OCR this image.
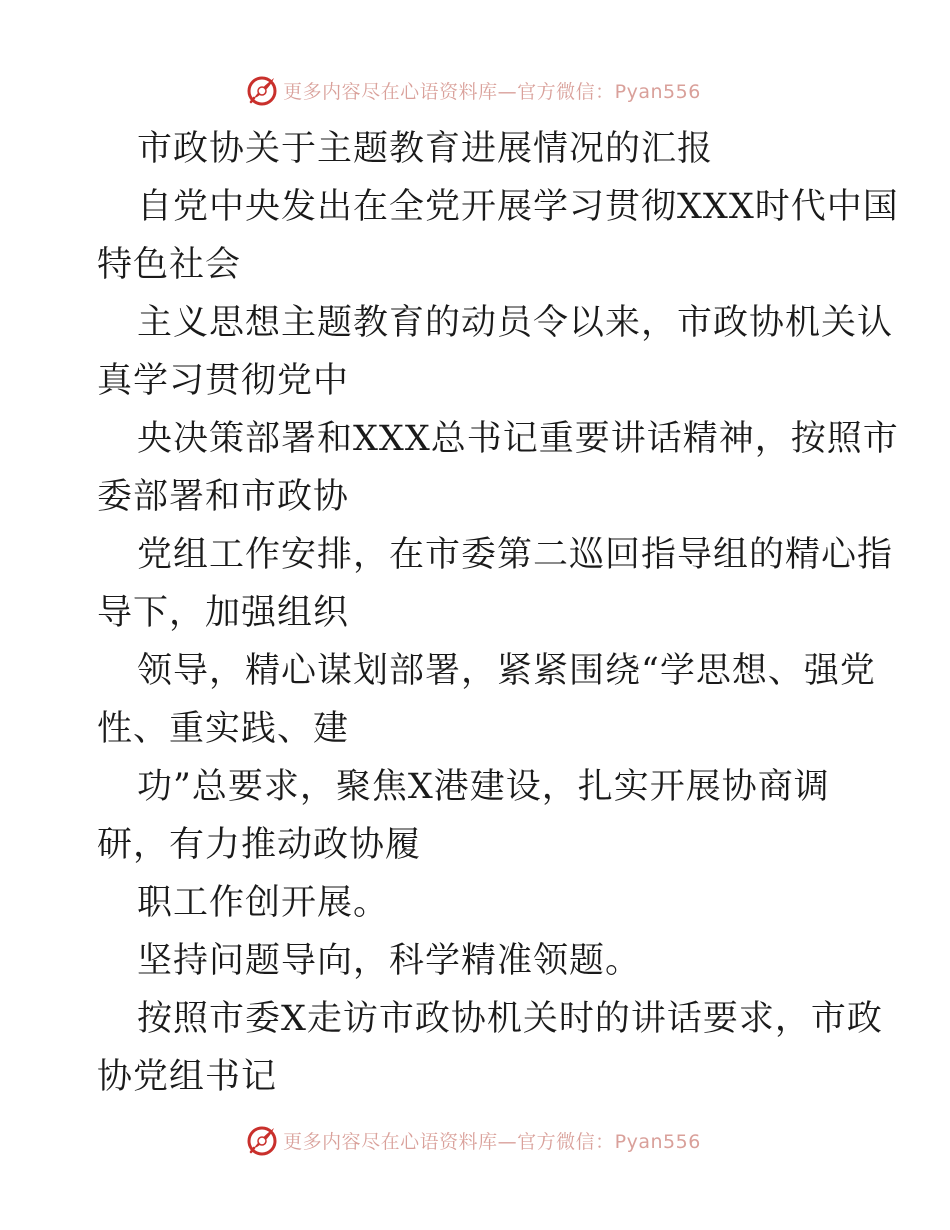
更多内容尽在心语资料库—官方微信：Pyan556
市政协关于主题教育进展情况的汇报
自党中央发出在全党开展学习贯彻XXX时代中国
特色社会
主义思想主题教育的动员令以来，市政协机关认
真学习贯彻党中
央决策部署和XXX总书记重要讲话精神，按照市
委部署和市政协
党组工作安排，在市委第二巡回指导组的精心指
导下，加强组织
领导，精心谋划部署，紧紧围绕“学思想、强党
性、重实践、建
功”总要求，聚焦X港建设，扎实开展协商调
研，有力推动政协履
职工作创开展。
坚持问题导向，科学精准领题。
按照市委X走访市政协机关时的讲话要求，市政
协党组书记
更多内容尽在心语资料库—官方微信：Pyan556
